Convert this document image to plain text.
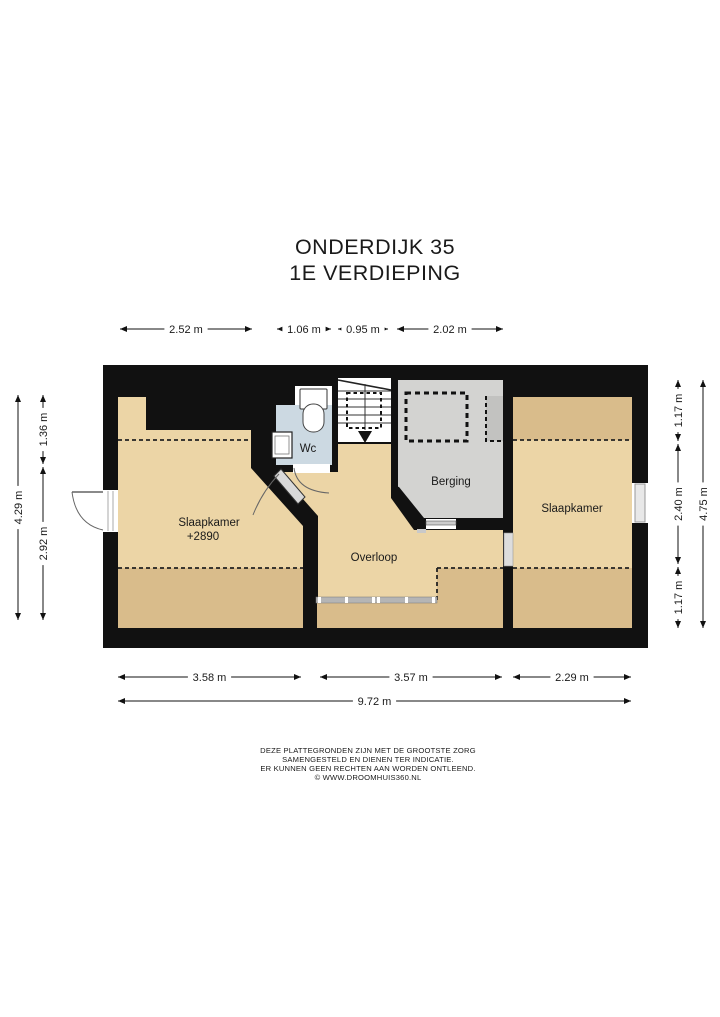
ONDERDIJK 35
1E VERDIEPING
Slaapkamer
+2890
Wc
Berging
Overloop
Slaapkamer
2.52 m	1.06 m 0.95 m	2.02 m
3.58 m	3.57 m	2.29 m
9.72 m
1.36 m
2.92 m
4.29 m
1.17 m
2.40 m
1.17 m
4.75 m
DEZE PLATTEGRONDEN ZIJN MET DE GROOTSTE ZORG
SAMENGESTELD EN DIENEN TER INDICATIE.
ER KUNNEN GEEN RECHTEN AAN WORDEN ONTLEEND.
© WWW.DROOMHUIS360.NL
